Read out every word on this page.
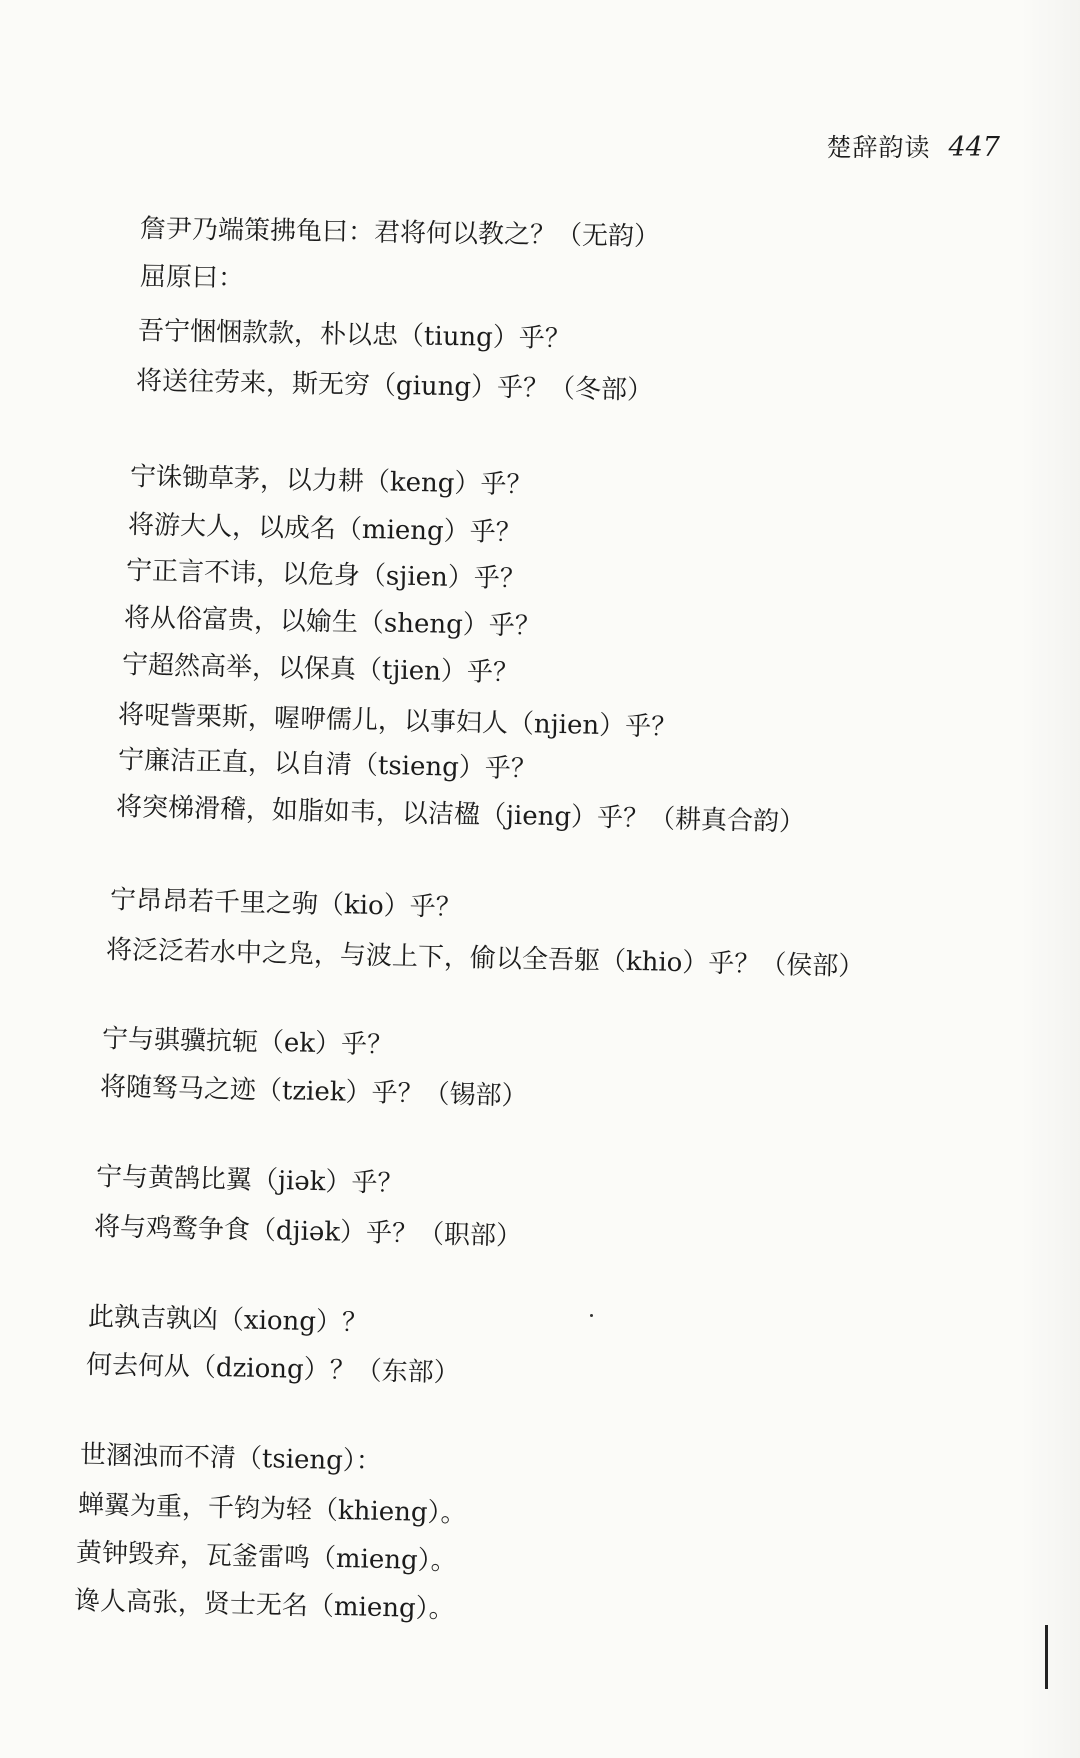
楚辞韵读 447
詹尹乃端策拂龟曰：君将何以教之？（无韵）
屈原曰：
吾宁悃悃款款，朴以忠（tiung）乎？
将送往劳来，斯无穷（giung）乎？（冬部）
宁诛锄草茅，以力耕（keng）乎？
将游大人，以成名（mieng）乎？
宁正言不讳，以危身（sjien）乎？
将从俗富贵，以媮生（sheng）乎？
宁超然高举，以保真（tjien）乎？
将哫訾栗斯，喔咿儒儿，以事妇人（njien）乎？
宁廉洁正直，以自清（tsieng）乎？
将突梯滑稽，如脂如韦，以洁楹（jieng）乎？（耕真合韵）
宁昂昂若千里之驹（kio）乎？
将泛泛若水中之凫，与波上下，偷以全吾躯（khio）乎？（侯部）
宁与骐骥抗轭（ek）乎？
将随驽马之迹（tziek）乎？（锡部）
宁与黄鹄比翼（jiək）乎？
将与鸡鹜争食（djiək）乎？（职部）
此孰吉孰凶（xiong）？
何去何从（dziong）？（东部）
世溷浊而不清（tsieng）：
蝉翼为重，千钧为轻（khieng）。
黄钟毁弃，瓦釜雷鸣（mieng）。
谗人高张，贤士无名（mieng）。
